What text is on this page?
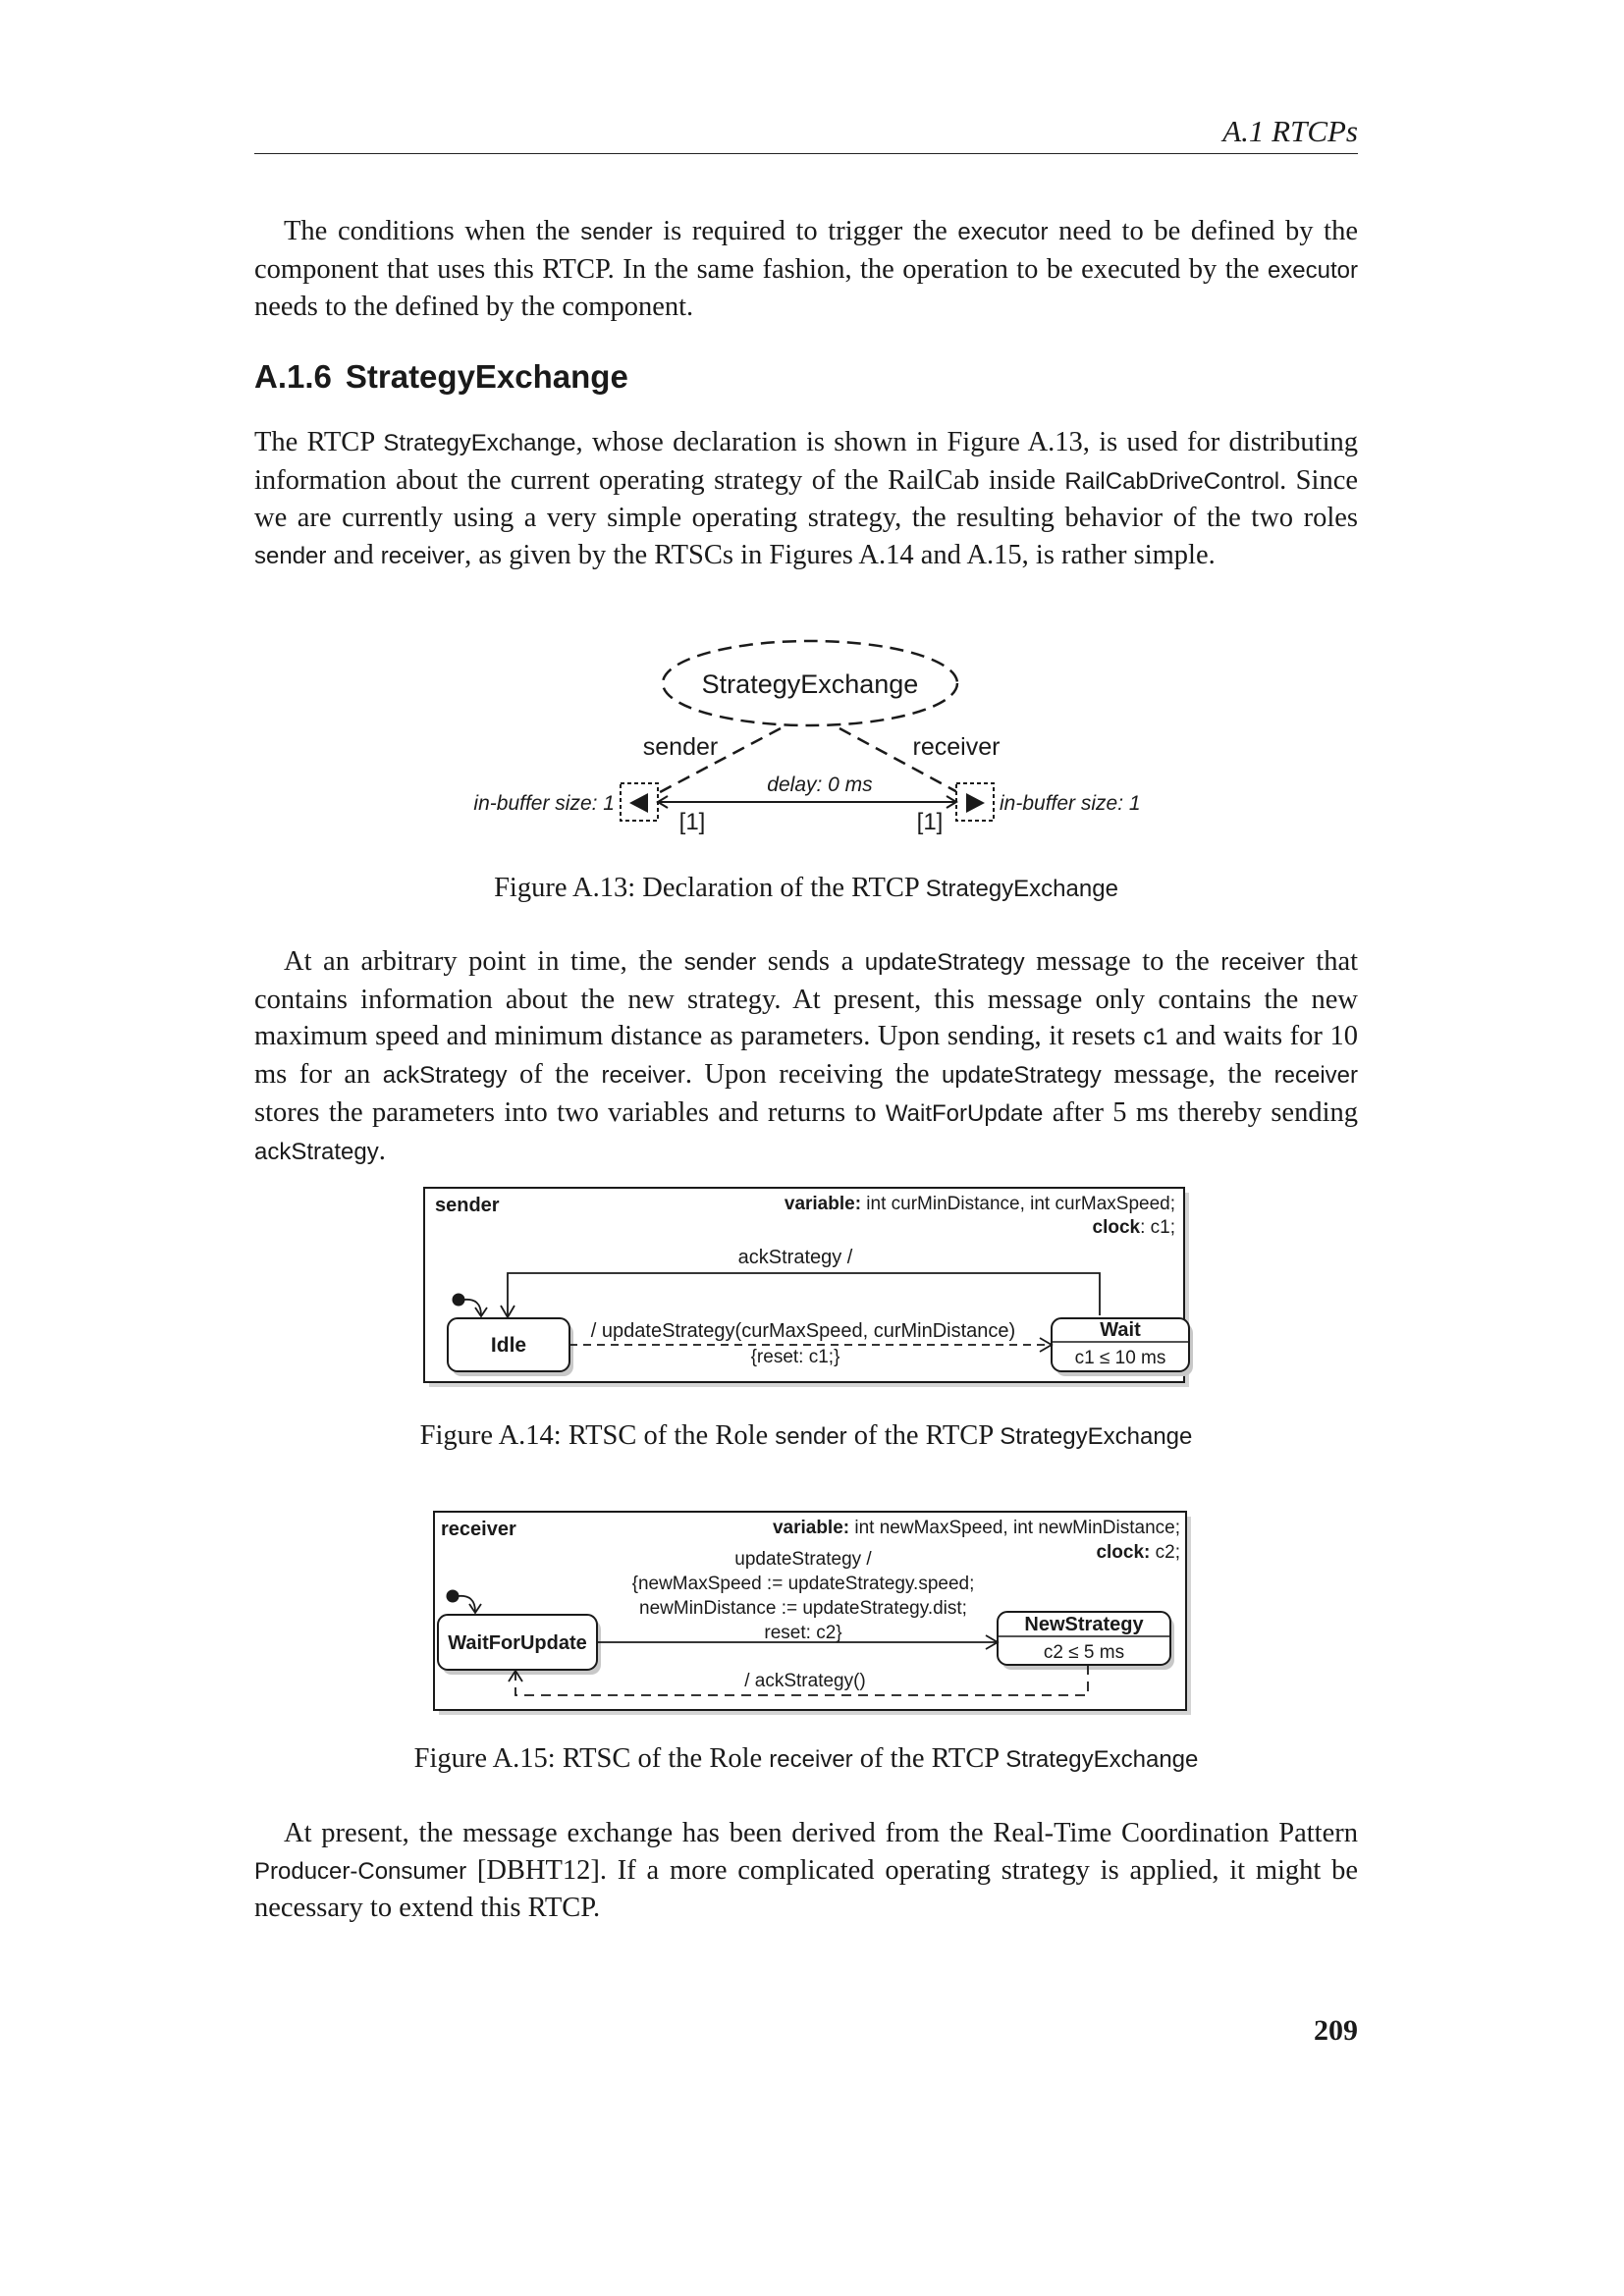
A.1 RTCPs

The conditions when the sender is required to trigger the executor need to be defined by the component that uses this RTCP. In the same fashion, the operation to be executed by the executor needs to the defined by the component.

A.1.6 StrategyExchange

The RTCP StrategyExchange, whose declaration is shown in Figure A.13, is used for distributing information about the current operating strategy of the RailCab inside RailCabDriveControl. Since we are currently using a very simple operating strategy, the resulting behavior of the two roles sender and receiver, as given by the RTSCs in Figures A.14 and A.15, is rather simple.

StrategyExchange
sender	receiver
delay: 0 ms
in-buffer size: 1	in-buffer size: 1
[1]	[1]
Figure A.13: Declaration of the RTCP StrategyExchange

At an arbitrary point in time, the sender sends a updateStrategy message to the receiver that contains information about the new strategy. At present, this message only contains the new maximum speed and minimum distance as parameters. Upon sending, it resets c1 and waits for 10 ms for an ackStrategy of the receiver. Upon receiving the updateStrategy message, the receiver stores the parameters into two variables and returns to WaitForUpdate after 5 ms thereby sending ackStrategy.

sender	variable: int curMinDistance, int curMaxSpeed;
clock: c1;
ackStrategy /
Idle
Wait
c1 ≤ 10 ms
/ updateStrategy(curMaxSpeed, curMinDistance)
{reset: c1;}
Figure A.14: RTSC of the Role sender of the RTCP StrategyExchange
receiver	variable: int newMaxSpeed, int newMinDistance;
clock: c2;
updateStrategy /
{newMaxSpeed := updateStrategy.speed;
newMinDistance := updateStrategy.dist;
reset: c2}
WaitForUpdate
NewStrategy
c2 ≤ 5 ms
/ ackStrategy()
Figure A.15: RTSC of the Role receiver of the RTCP StrategyExchange

At present, the message exchange has been derived from the Real-Time Coordination Pattern Producer-Consumer [DBHT12]. If a more complicated operating strategy is applied, it might be necessary to extend this RTCP.

209
